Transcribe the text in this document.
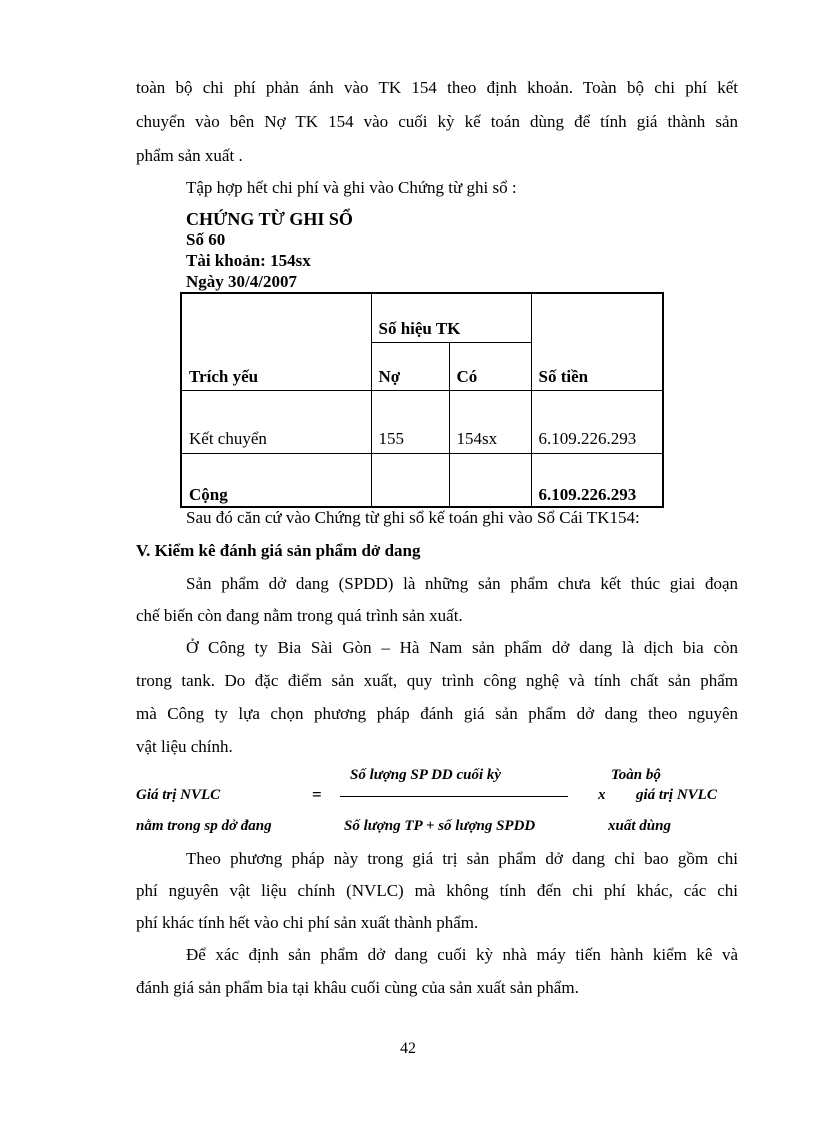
toàn bộ chi phí phản ánh vào TK 154 theo định khoản. Toàn bộ chi phí kết
chuyển vào bên Nợ TK 154 vào cuối kỳ kế toán dùng để tính giá thành sản
phẩm sản xuất .
Tập hợp hết chi phí và ghi vào Chứng từ ghi sổ :
CHỨNG TỪ GHI SỔ
Số 60
Tài khoản: 154sx
Ngày 30/4/2007
Trích yếu	Số hiệu TK		Số tiền
	Nợ	Có	
Kết chuyển	155	154sx	6.109.226.293
Cộng			6.109.226.293
Sau đó căn cứ vào Chứng từ ghi sổ kế toán ghi vào Sổ Cái TK154:
V. Kiểm kê đánh giá sản phẩm dở dang
Sản phẩm dở dang (SPDD) là những sản phẩm chưa kết thúc giai đoạn
chế biến còn đang nằm trong quá trình sản xuất.
Ở Công ty Bia Sài Gòn – Hà Nam sản phẩm dở dang là dịch bia còn
trong tank. Do đặc điểm sản xuất, quy trình công nghệ và tính chất sản phẩm
mà Công ty lựa chọn phương pháp đánh giá sản phẩm dở dang theo nguyên
vật liệu chính.
Giá trị NVLC
nằm trong sp dở đang
=
Số lượng SP DD cuối kỳ
Số lượng TP + số lượng SPDD
x
Toàn bộ
giá trị NVLC
xuất dùng
Theo phương pháp này trong giá trị sản phẩm dở dang chỉ bao gồm chi
phí nguyên vật liệu chính (NVLC) mà không tính đến chi phí khác, các chi
phí khác tính hết vào chi phí sản xuất thành phẩm.
Để xác định sản phẩm dở dang cuối kỳ nhà máy tiến hành kiểm kê và
đánh giá sản phẩm bia tại khâu cuối cùng của sản xuất sản phẩm.
42
